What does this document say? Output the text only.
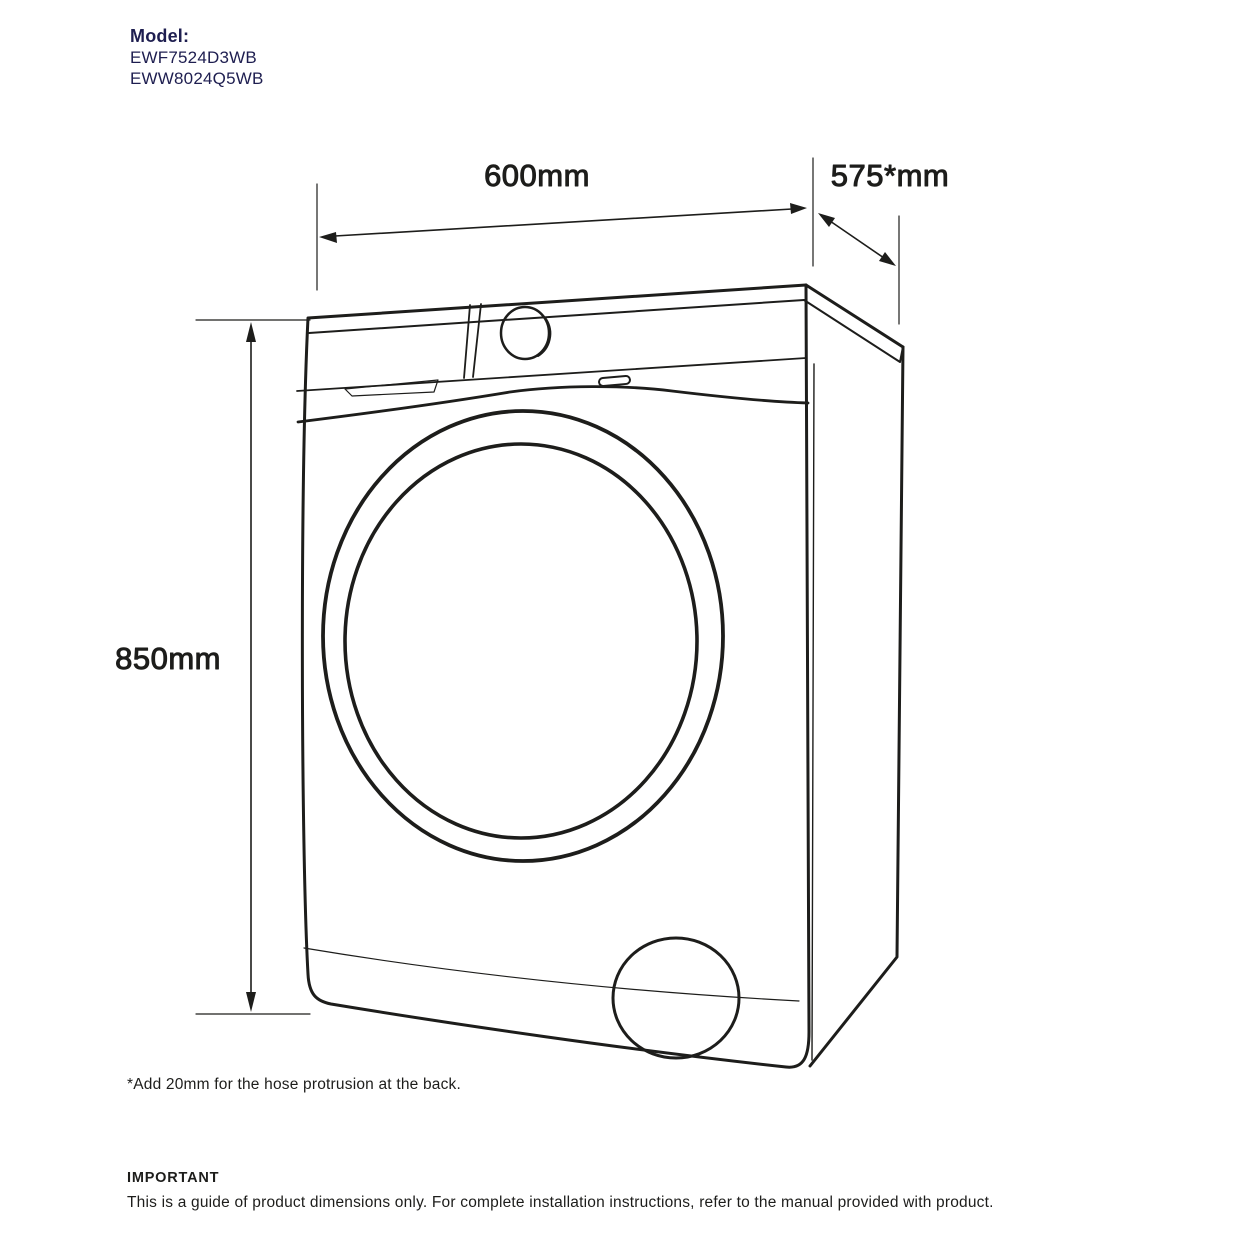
600mm	575*mm
850mm
Model:
EWF7524D3WB
EWW8024Q5WB
*Add 20mm for the hose protrusion at the back.
IMPORTANT
This is a guide of product dimensions only. For complete installation instructions, refer to the manual provided with product.
